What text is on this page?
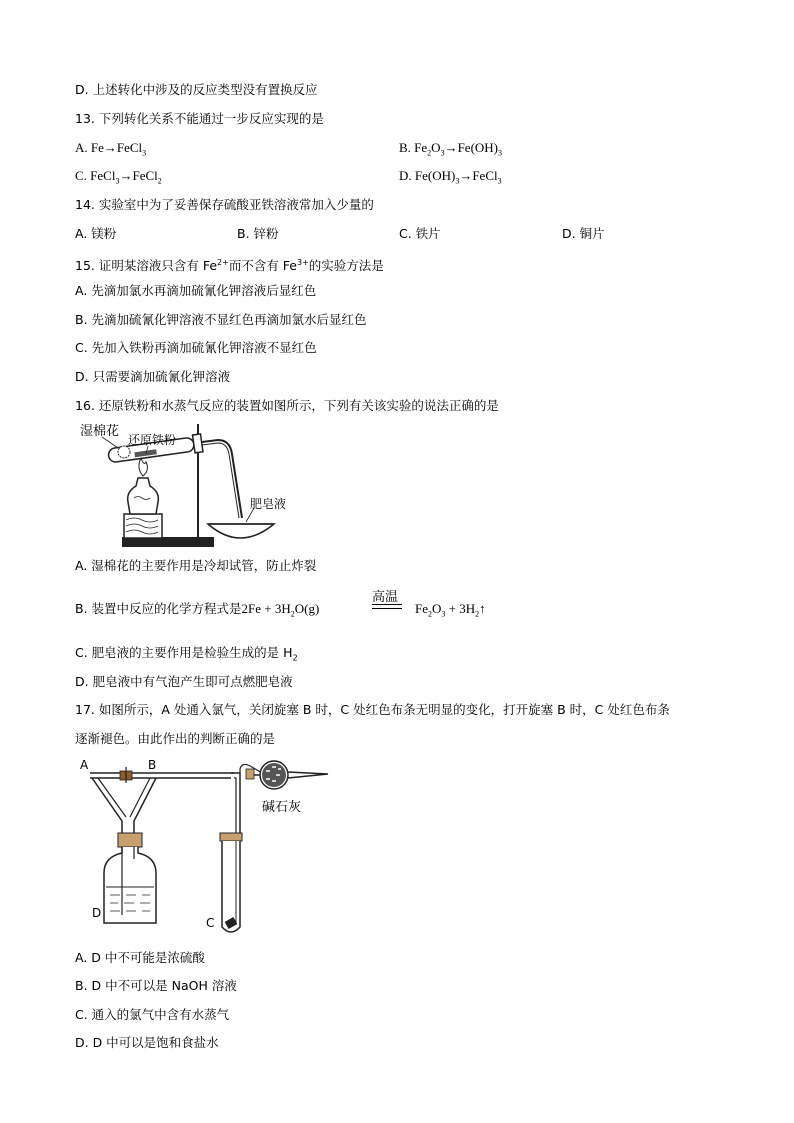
D. 上述转化中涉及的反应类型没有置换反应
13. 下列转化关系不能通过一步反应实现的是
A. Fe→FeCl$_3$	B. $Fe_2O_3\to Fe(OH)_3$
C. FeCl$_3$→FeCl$_2$	D. $Fe(OH)_3\to FeCl_3$
14. 实验室中为了妥善保存硫酸亚铁溶液常加入少量的
A. 镁粉	B. 锌粉	C. 铁片	D. 铜片
15. 证明某溶液只含有 $Fe^{2+}$而不含有 $Fe^{3+}$的实验方法是
A. 先滴加氯水再滴加硫氰化钾溶液后显红色
B. 先滴加硫氰化钾溶液不显红色再滴加氯水后显红色
C. 先加入铁粉再滴加硫氰化钾溶液不显红色
D. 只需要滴加硫氰化钾溶液
16. 还原铁粉和水蒸气反应的装置如图所示，下列有关该实验的说法正确的是
湿棉花
还原铁粉
肥皂液
A. 湿棉花的主要作用是冷却试管，防止炸裂
B. 装置中反应的化学方程式是$2Fe + 3H_2O(g)$
高温
$Fe_2O_3$ + $3H_2↑$
C. 肥皂液的主要作用是检验生成的是 $H_2$
D. 肥皂液中有气泡产生即可点燃肥皂液
17. 如图所示，A 处通入氯气，关闭旋塞 B 时，C 处红色布条无明显的变化，打开旋塞 B 时，C 处红色布条
逐渐褪色。由此作出的判断正确的是
A	B
C
D
碱石灰
A. D 中不可能是浓硫酸
B. D 中不可以是 NaOH 溶液
C. 通入的氯气中含有水蒸气
D. D 中可以是饱和食盐水
